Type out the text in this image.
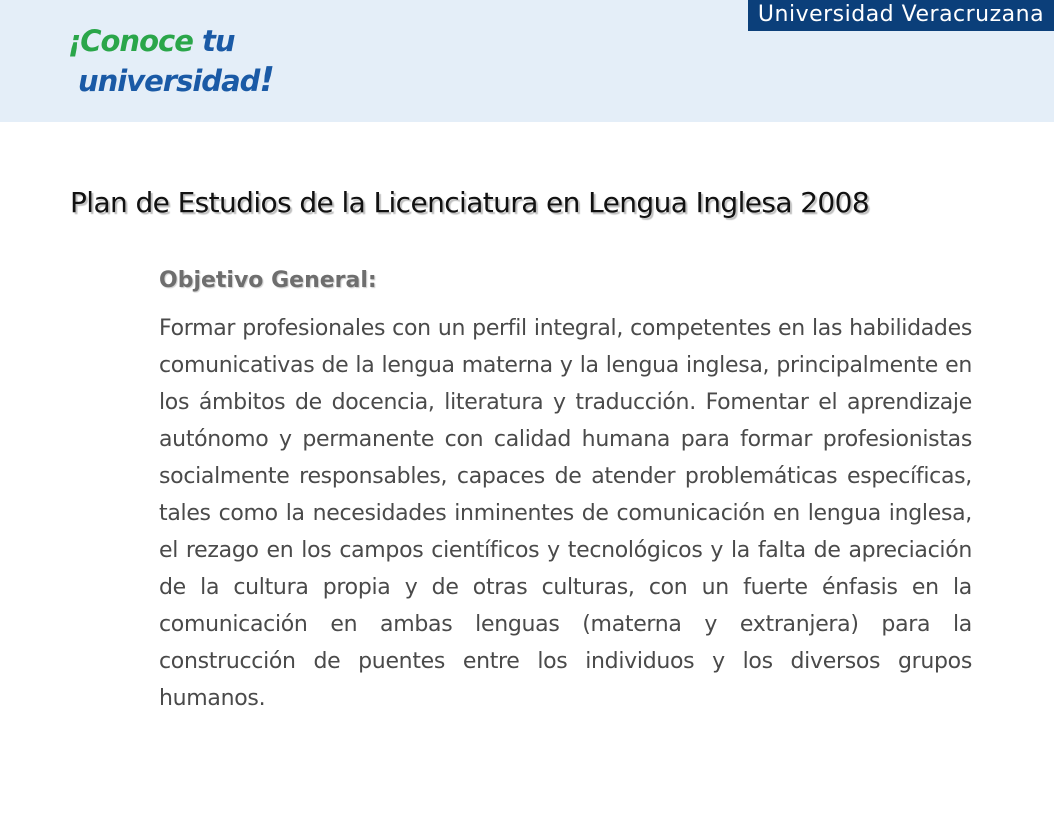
Universidad Veracruzana
¡Conoce tu
universidad!
Plan de Estudios de la Licenciatura en Lengua Inglesa 2008
Objetivo General:

Formar profesionales con un perfil integral, competentes en las habilidades comunicativas de la lengua materna y la lengua inglesa, principalmente en los ámbitos de docencia, literatura y traducción. Fomentar el aprendizaje autónomo y permanente con calidad humana para formar profesionistas socialmente responsables, capaces de atender problemáticas específicas, tales como la necesidades inminentes de comunicación en lengua inglesa, el rezago en los campos científicos y tecnológicos y la falta de apreciación de la cultura propia y de otras culturas, con un fuerte énfasis en la comunicación en ambas lenguas (materna y extranjera) para la construcción de puentes entre los individuos y los diversos grupos humanos.
